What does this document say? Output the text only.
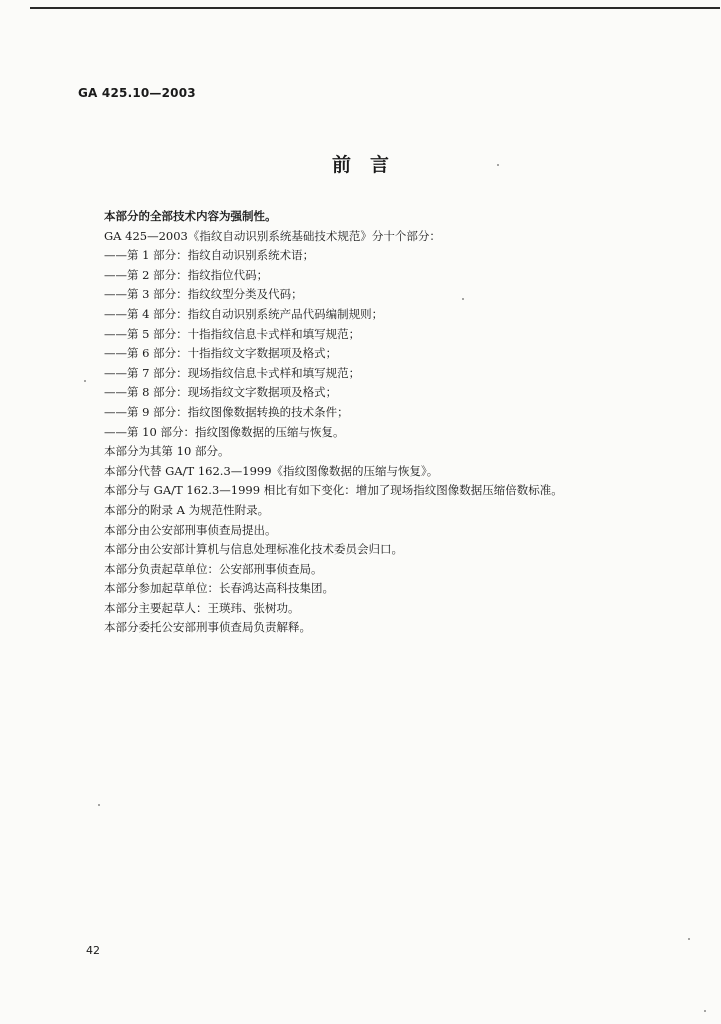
GA 425.10—2003
前　言
本部分的全部技术内容为强制性。
GA 425—2003《指纹自动识别系统基础技术规范》分十个部分：
——第 1 部分：指纹自动识别系统术语；
——第 2 部分：指纹指位代码；
——第 3 部分：指纹纹型分类及代码；
——第 4 部分：指纹自动识别系统产品代码编制规则；
——第 5 部分：十指指纹信息卡式样和填写规范；
——第 6 部分：十指指纹文字数据项及格式；
——第 7 部分：现场指纹信息卡式样和填写规范；
——第 8 部分：现场指纹文字数据项及格式；
——第 9 部分：指纹图像数据转换的技术条件；
——第 10 部分：指纹图像数据的压缩与恢复。
本部分为其第 10 部分。
本部分代替 GA/T 162.3—1999《指纹图像数据的压缩与恢复》。
本部分与 GA/T 162.3—1999 相比有如下变化：增加了现场指纹图像数据压缩倍数标准。
本部分的附录 A 为规范性附录。
本部分由公安部刑事侦查局提出。
本部分由公安部计算机与信息处理标准化技术委员会归口。
本部分负责起草单位：公安部刑事侦查局。
本部分参加起草单位：长春鸿达高科技集团。
本部分主要起草人：王瑛玮、张树功。
本部分委托公安部刑事侦查局负责解释。
42
